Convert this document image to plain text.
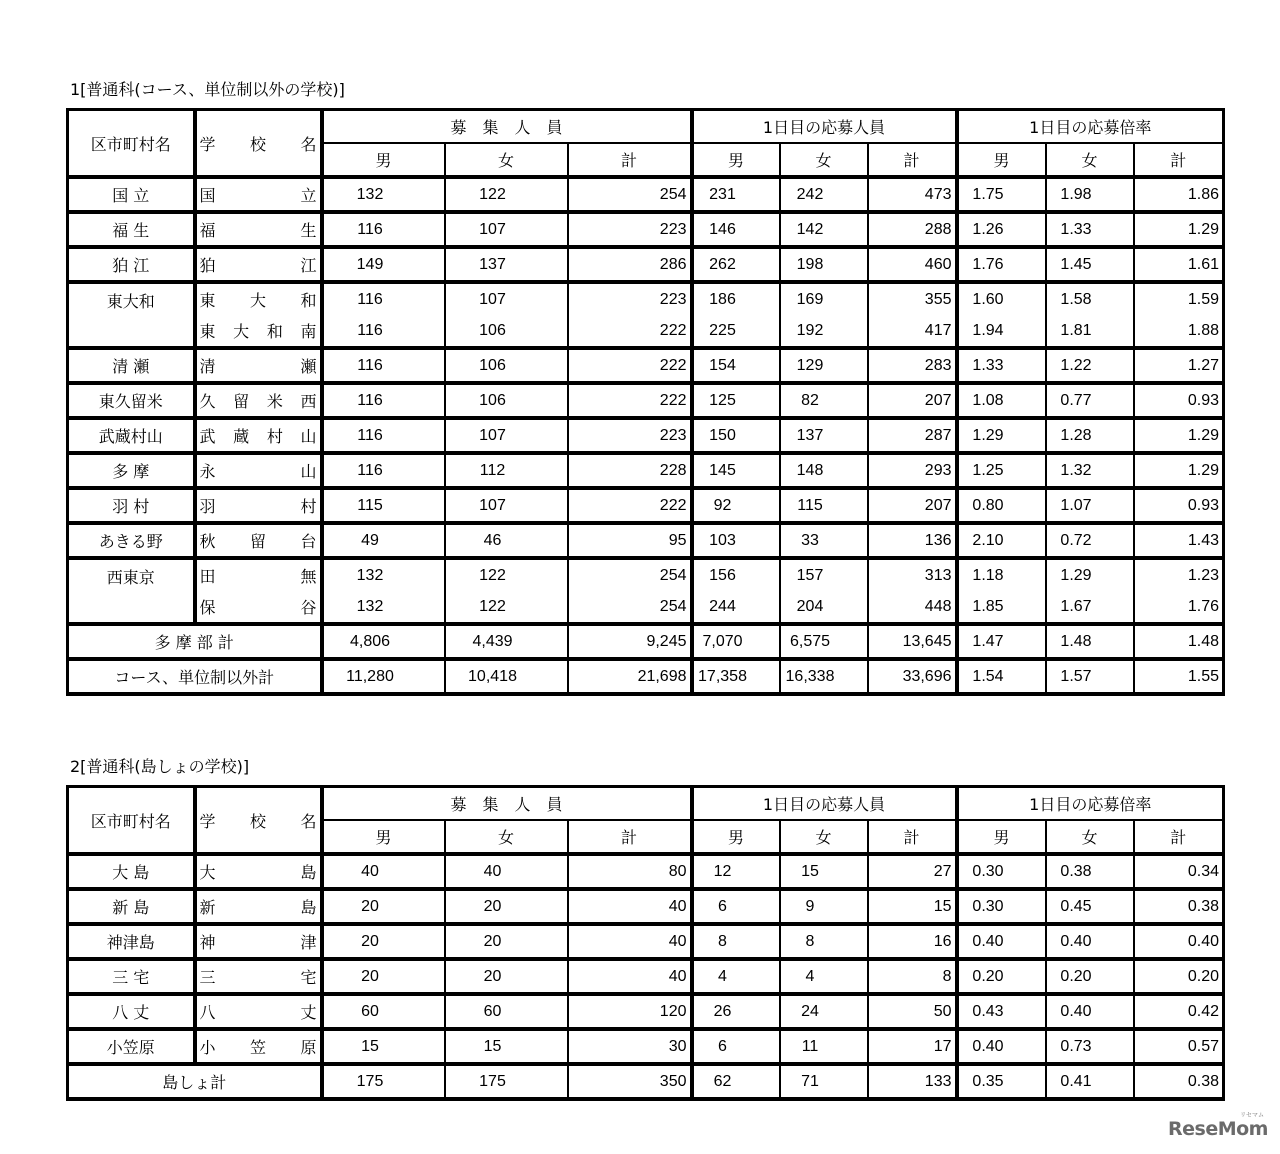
1[普通科(コース、単位制以外の学校)]
区市町村名	学　校　名	募　集　人　員			1日目の応募人員			1日目の応募倍率		
		男	女	計	男	女	計	男	女	計
国 立	国立	132	122	254	231	242	473	1.75	1.98	1.86
福 生	福生	116	107	223	146	142	288	1.26	1.33	1.29
狛 江	狛江	149	137	286	262	198	460	1.76	1.45	1.61
東大和	東大和	116	107	223	186	169	355	1.60	1.58	1.59
	東大和南	116	106	222	225	192	417	1.94	1.81	1.88
清 瀬	清瀬	116	106	222	154	129	283	1.33	1.22	1.27
東久留米	久留米西	116	106	222	125	82	207	1.08	0.77	0.93
武蔵村山	武蔵村山	116	107	223	150	137	287	1.29	1.28	1.29
多 摩	永山	116	112	228	145	148	293	1.25	1.32	1.29
羽 村	羽村	115	107	222	92	115	207	0.80	1.07	0.93
あきる野	秋留台	49	46	95	103	33	136	2.10	0.72	1.43
西東京	田無	132	122	254	156	157	313	1.18	1.29	1.23
	保谷	132	122	254	244	204	448	1.85	1.67	1.76
多 摩 部 計		4,806	4,439	9,245	7,070	6,575	13,645	1.47	1.48	1.48
コース、単位制以外計		11,280	10,418	21,698	17,358	16,338	33,696	1.54	1.57	1.55
2[普通科(島しょの学校)]
区市町村名	学　校　名	募　集　人　員			1日目の応募人員			1日目の応募倍率		
		男	女	計	男	女	計	男	女	計
大 島	大島	40	40	80	12	15	27	0.30	0.38	0.34
新 島	新島	20	20	40	6	9	15	0.30	0.45	0.38
神津島	神津	20	20	40	8	8	16	0.40	0.40	0.40
三 宅	三宅	20	20	40	4	4	8	0.20	0.20	0.20
八 丈	八丈	60	60	120	26	24	50	0.43	0.40	0.42
小笠原	小笠原	15	15	30	6	11	17	0.40	0.73	0.57
島しょ計		175	175	350	62	71	133	0.35	0.41	0.38
ReseMom
リセマム
